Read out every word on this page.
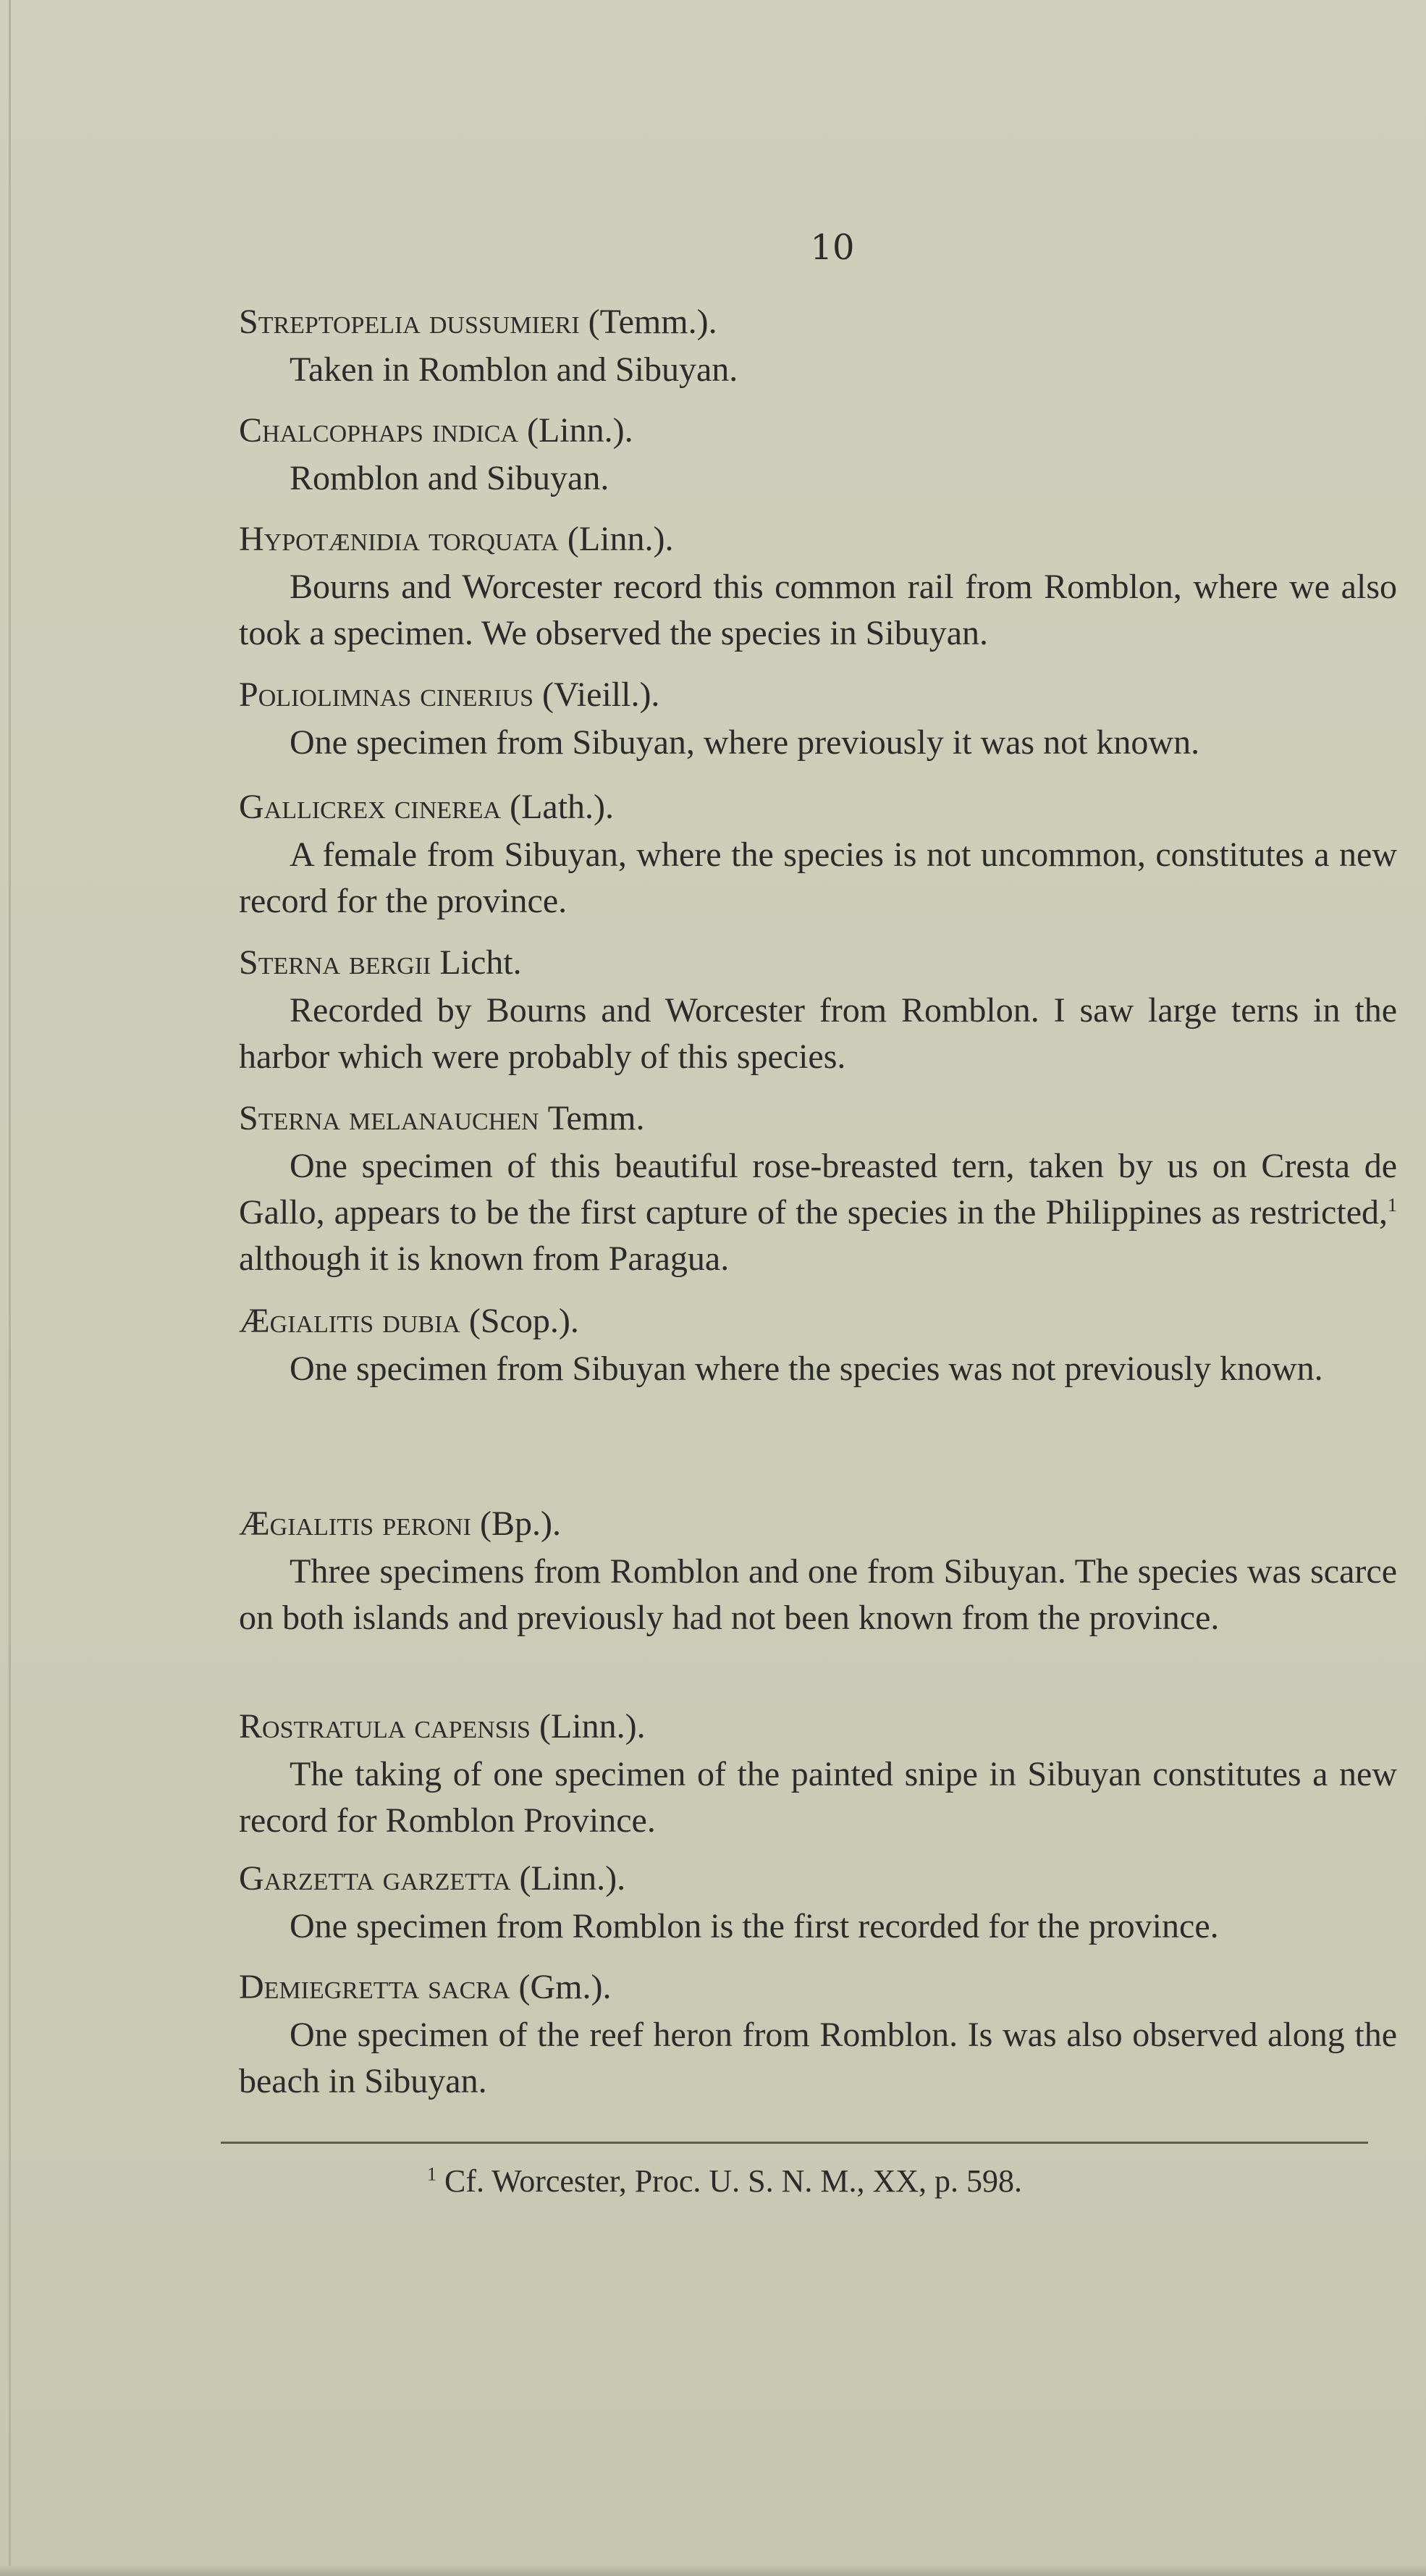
10
Streptopelia dussumieri (Temm.).
Taken in Romblon and Sibuyan.
Chalcophaps indica (Linn.).
Romblon and Sibuyan.
Hypotænidia torquata (Linn.).
Bourns and Worcester record this common rail from Romblon, where we also took a specimen. We observed the species in Sibuyan.
Poliolimnas cinerius (Vieill.).
One specimen from Sibuyan, where previously it was not known.
Gallicrex cinerea (Lath.).
A female from Sibuyan, where the species is not uncommon, constitutes a new record for the province.
Sterna bergii Licht.
Recorded by Bourns and Worcester from Romblon. I saw large terns in the harbor which were probably of this species.
Sterna melanauchen Temm.
One specimen of this beautiful rose-breasted tern, taken by us on Cresta de Gallo, appears to be the first capture of the species in the Philippines as restricted,$^1$ although it is known from Paragua.
Ægialitis dubia (Scop.).
One specimen from Sibuyan where the species was not previously known.
Ægialitis peroni (Bp.).
Three specimens from Romblon and one from Sibuyan. The species was scarce on both islands and previously had not been known from the province.
Rostratula capensis (Linn.).
The taking of one specimen of the painted snipe in Sibuyan constitutes a new record for Romblon Province.
Garzetta garzetta (Linn.).
One specimen from Romblon is the first recorded for the province.
Demiegretta sacra (Gm.).
One specimen of the reef heron from Romblon. Is was also observed along the beach in Sibuyan.
$^1$ Cf. Worcester, Proc. U. S. N. M., XX, p. 598.
